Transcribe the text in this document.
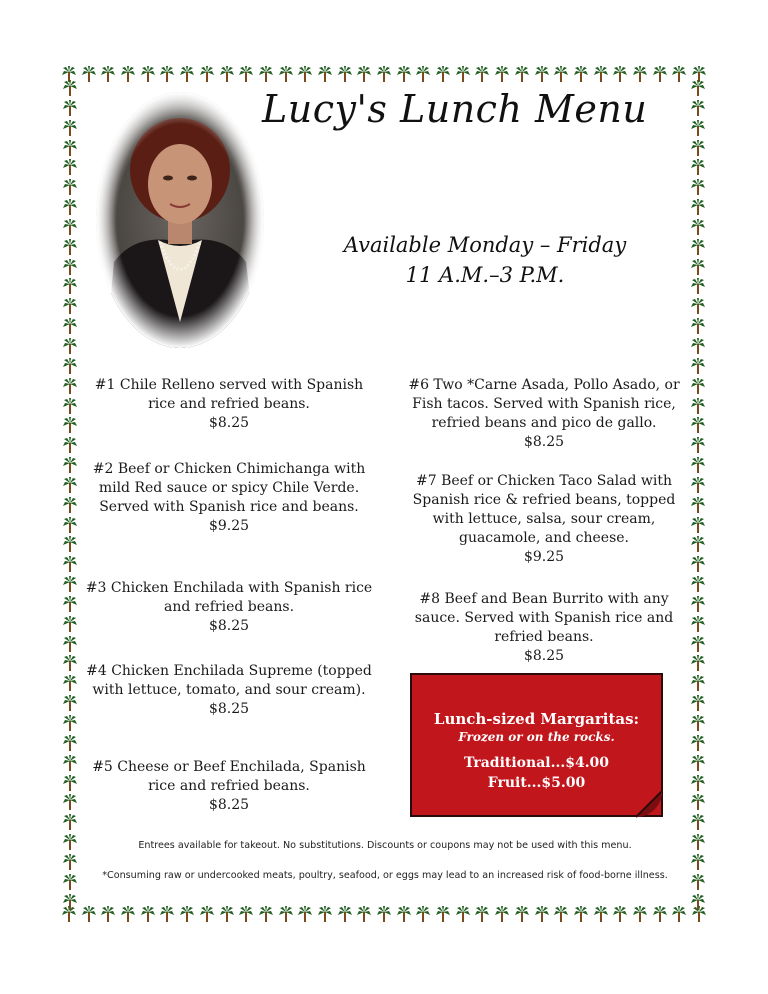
Lucy's Lunch Menu
Available Monday – Friday
11 A.M.–3 P.M.
#1 Chile Relleno served with Spanish rice and refried beans.
$8.25
#2 Beef or Chicken Chimichanga with mild Red sauce or spicy Chile Verde. Served with Spanish rice and beans.
$9.25
#3 Chicken Enchilada with Spanish rice and refried beans.
$8.25
#4 Chicken Enchilada Supreme (topped with lettuce, tomato, and sour cream).
$8.25
#5 Cheese or Beef Enchilada, Spanish rice and refried beans.
$8.25
#6 Two *Carne Asada, Pollo Asado, or Fish tacos. Served with Spanish rice, refried beans and pico de gallo.
$8.25
#7 Beef or Chicken Taco Salad with Spanish rice & refried beans, topped with lettuce, salsa, sour cream, guacamole, and cheese.
$9.25
#8 Beef and Bean Burrito with any sauce. Served with Spanish rice and refried beans.
$8.25
Lunch-sized Margaritas:
Frozen or on the rocks.
Traditional...$4.00
Fruit...$5.00
Entrees available for takeout. No substitutions. Discounts or coupons may not be used with this menu.
*Consuming raw or undercooked meats, poultry, seafood, or eggs may lead to an increased risk of food-borne illness.
